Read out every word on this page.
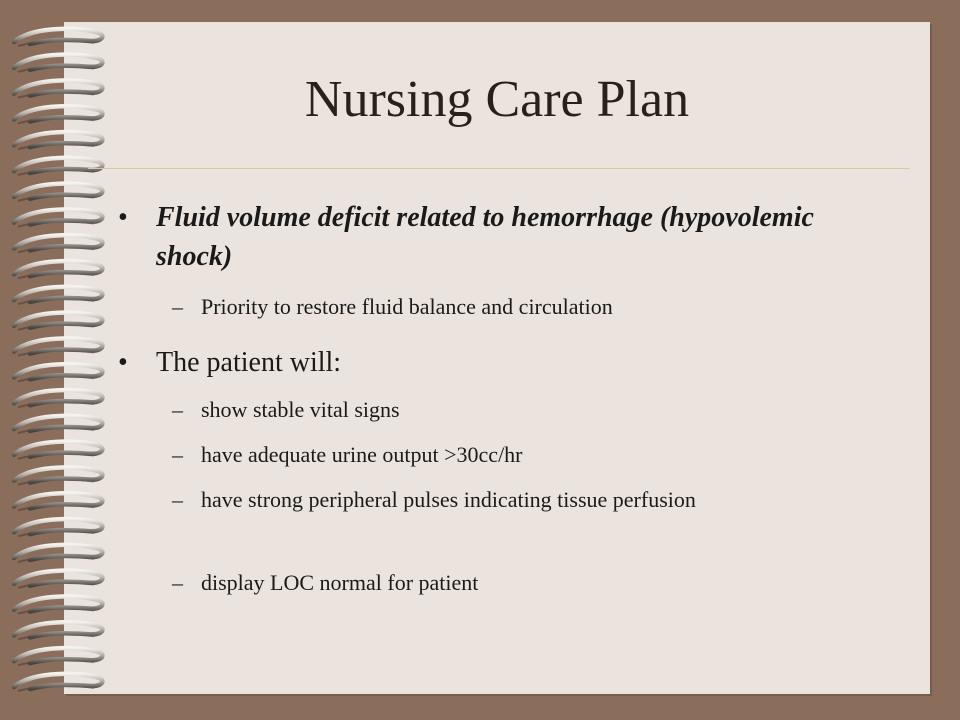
Nursing Care Plan
•	Fluid volume deficit related to hemorrhage (hypovolemic shock)
– Priority to restore fluid balance and circulation
•	The patient will:
– show stable vital signs
– have adequate urine output >30cc/hr
– have strong peripheral pulses indicating tissue perfusion
– display LOC normal for patient
